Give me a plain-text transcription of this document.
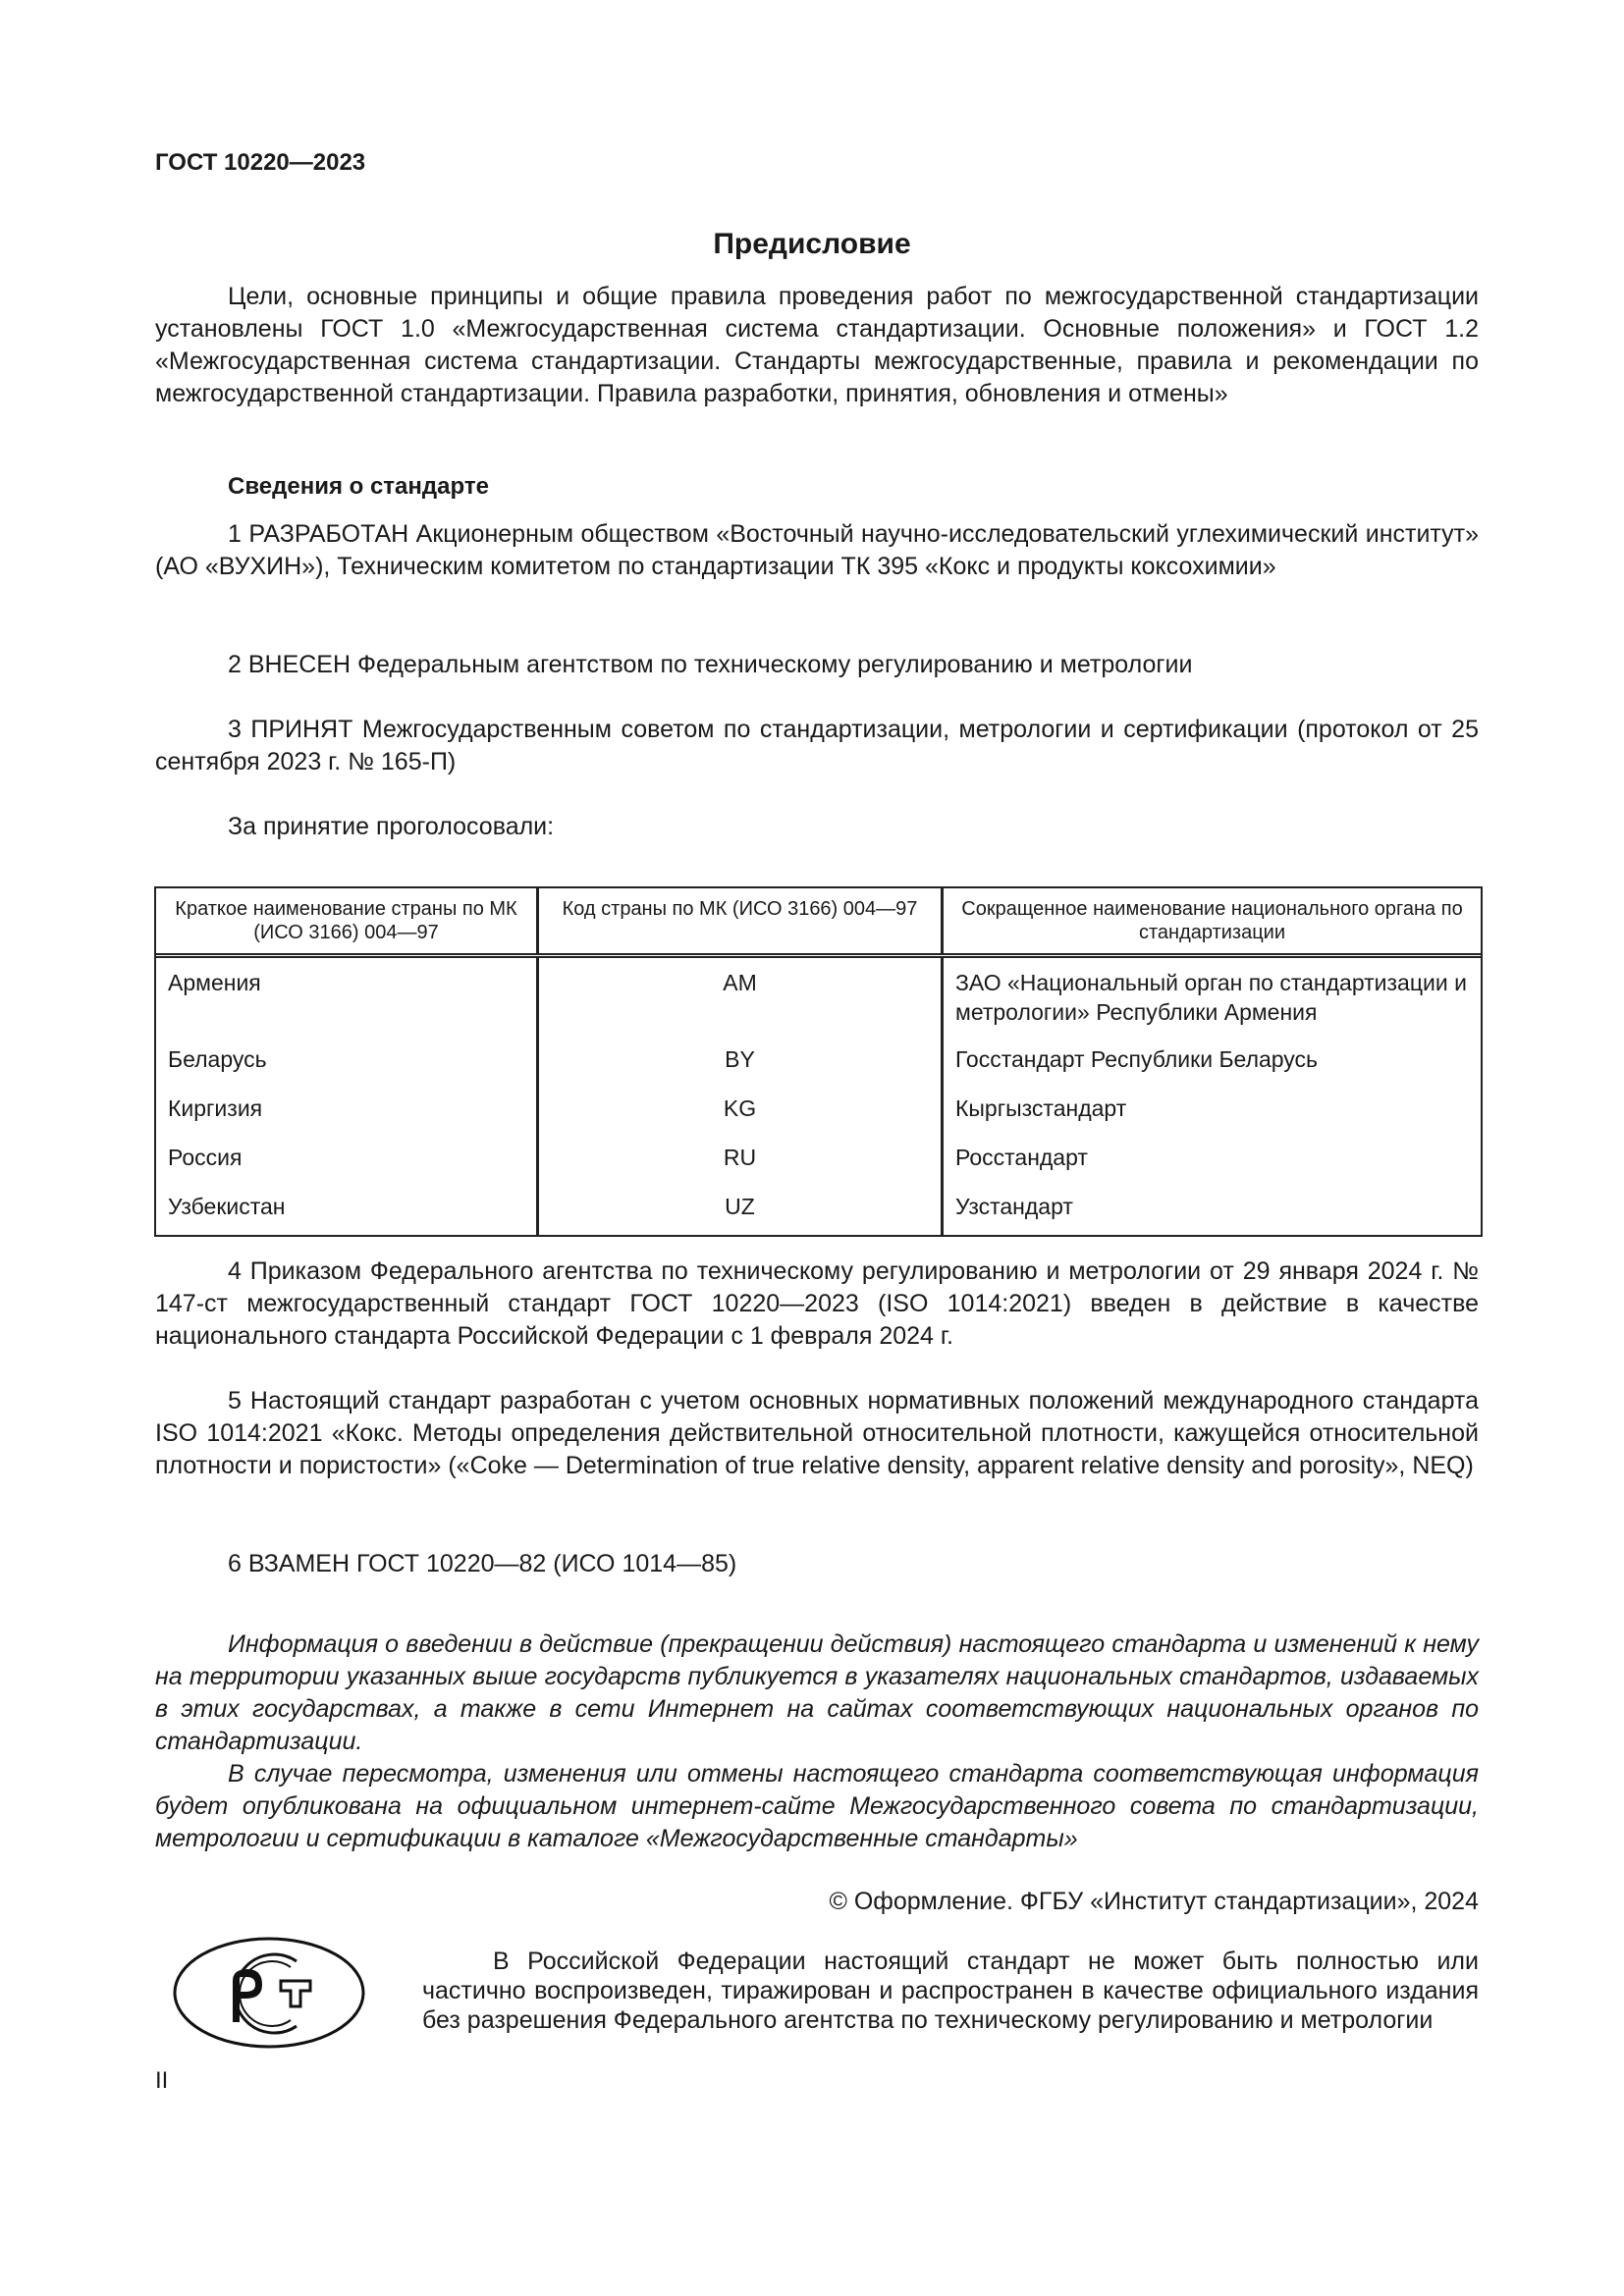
ГОСТ 10220—2023
Предисловие
Цели, основные принципы и общие правила проведения работ по межгосударственной стандартизации установлены ГОСТ 1.0 «Межгосударственная система стандартизации. Основные положения» и ГОСТ 1.2 «Межгосударственная система стандартизации. Стандарты межгосударственные, правила и рекомендации по межгосударственной стандартизации. Правила разработки, принятия, обновления и отмены»
Сведения о стандарте
1 РАЗРАБОТАН Акционерным обществом «Восточный научно-исследовательский углехимический институт» (АО «ВУХИН»), Техническим комитетом по стандартизации ТК 395 «Кокс и продукты коксохимии»
2 ВНЕСЕН Федеральным агентством по техническому регулированию и метрологии
3 ПРИНЯТ Межгосударственным советом по стандартизации, метрологии и сертификации (протокол от 25 сентября 2023 г. № 165-П)
За принятие проголосовали:
Краткое наименование страны по МК (ИСО 3166) 004—97	Код страны по МК (ИСО 3166) 004—97	Сокращенное наименование национального органа по стандартизации
Армения	AM	ЗАО «Национальный орган по стандартизации и метрологии» Республики Армения
Беларусь	BY	Госстандарт Республики Беларусь
Киргизия	KG	Кыргызстандарт
Россия	RU	Росстандарт
Узбекистан	UZ	Узстандарт
4 Приказом Федерального агентства по техническому регулированию и метрологии от 29 января 2024 г. № 147-ст межгосударственный стандарт ГОСТ 10220—2023 (ISO 1014:2021) введен в действие в качестве национального стандарта Российской Федерации с 1 февраля 2024 г.
5 Настоящий стандарт разработан с учетом основных нормативных положений международного стандарта ISO 1014:2021 «Кокс. Методы определения действительной относительной плотности, кажущейся относительной плотности и пористости» («Coke — Determination of true relative density, apparent relative density and porosity», NEQ)
6 ВЗАМЕН ГОСТ 10220—82 (ИСО 1014—85)
Информация о введении в действие (прекращении действия) настоящего стандарта и изменений к нему на территории указанных выше государств публикуется в указателях национальных стандартов, издаваемых в этих государствах, а также в сети Интернет на сайтах соответствующих национальных органов по стандартизации.
В случае пересмотра, изменения или отмены настоящего стандарта соответствующая информация будет опубликована на официальном интернет-сайте Межгосударственного совета по стандартизации, метрологии и сертификации в каталоге «Межгосударственные стандарты»
© Оформление. ФГБУ «Институт стандартизации», 2024
В Российской Федерации настоящий стандарт не может быть полностью или частично воспроизведен, тиражирован и распространен в качестве официального издания без разрешения Федерального агентства по техническому регулированию и метрологии
II
